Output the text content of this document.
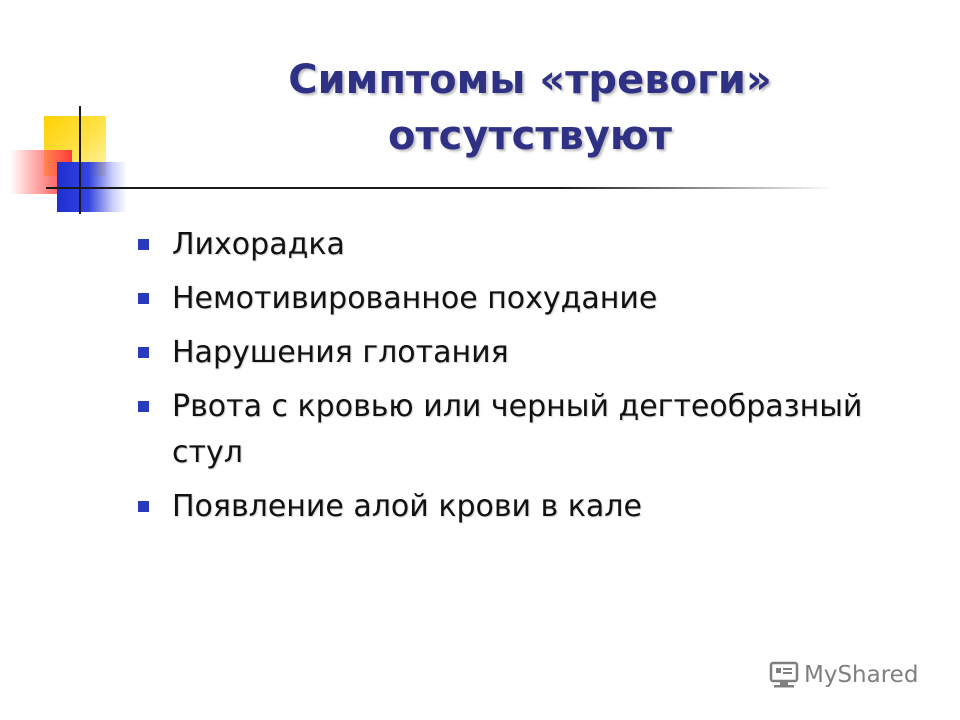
Симптомы «тревоги»
отсутствуют
Лихорадка
Немотивированное похудание
Нарушения глотания
Рвота с кровью или черный дегтеобразный стул
Появление алой крови в кале
MyShared
